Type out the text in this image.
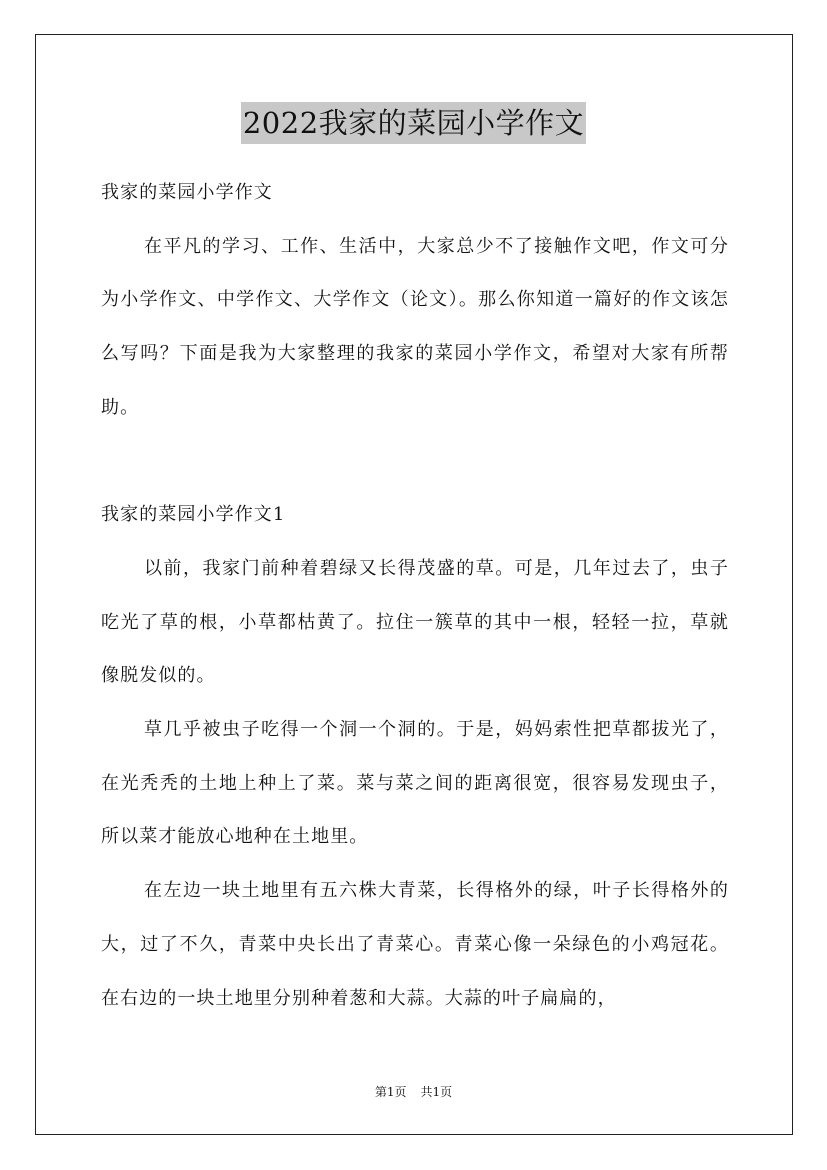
2022我家的菜园小学作文

我家的菜园小学作文

在平凡的学习、工作、生活中，大家总少不了接触作文吧，作文可分为小学作文、中学作文、大学作文（论文）。那么你知道一篇好的作文该怎么写吗？下面是我为大家整理的我家的菜园小学作文，希望对大家有所帮助。

我家的菜园小学作文1

以前，我家门前种着碧绿又长得茂盛的草。可是，几年过去了，虫子吃光了草的根，小草都枯黄了。拉住一簇草的其中一根，轻轻一拉，草就像脱发似的。

草几乎被虫子吃得一个洞一个洞的。于是，妈妈索性把草都拔光了，在光秃秃的土地上种上了菜。菜与菜之间的距离很宽，很容易发现虫子，所以菜才能放心地种在土地里。

在左边一块土地里有五六株大青菜，长得格外的绿，叶子长得格外的大，过了不久，青菜中央长出了青菜心。青菜心像一朵绿色的小鸡冠花。在右边的一块土地里分别种着葱和大蒜。大蒜的叶子扁扁的，

第1页 共1页
